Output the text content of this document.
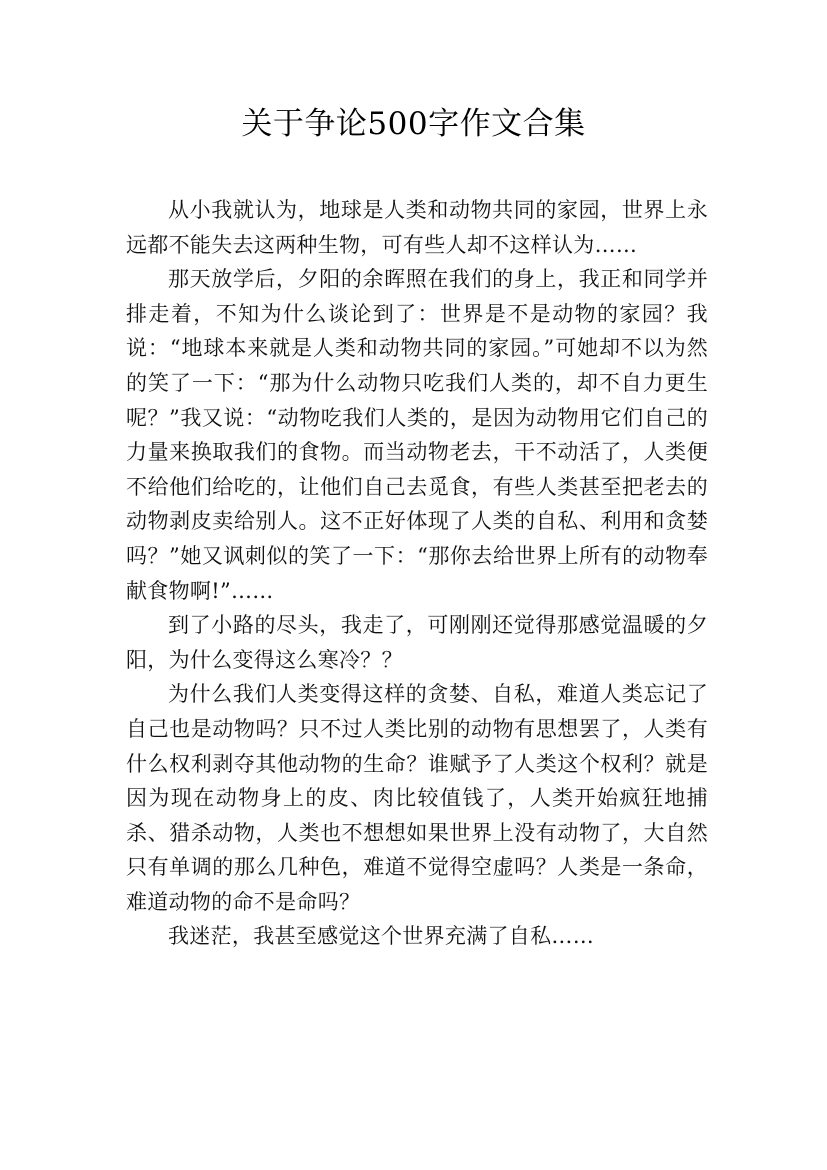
关于争论500字作文合集

从小我就认为，地球是人类和动物共同的家园，世界上永远都不能失去这两种生物，可有些人却不这样认为……

那天放学后，夕阳的余晖照在我们的身上，我正和同学并排走着，不知为什么谈论到了：世界是不是动物的家园？我说：“地球本来就是人类和动物共同的家园。”可她却不以为然的笑了一下：“那为什么动物只吃我们人类的，却不自力更生呢？”我又说：“动物吃我们人类的，是因为动物用它们自己的力量来换取我们的食物。而当动物老去，干不动活了，人类便不给他们给吃的，让他们自己去觅食，有些人类甚至把老去的动物剥皮卖给别人。这不正好体现了人类的自私、利用和贪婪吗？”她又讽刺似的笑了一下：“那你去给世界上所有的动物奉献食物啊!”……

到了小路的尽头，我走了，可刚刚还觉得那感觉温暖的夕阳，为什么变得这么寒冷？？

为什么我们人类变得这样的贪婪、自私，难道人类忘记了自己也是动物吗？只不过人类比别的动物有思想罢了，人类有什么权利剥夺其他动物的生命？谁赋予了人类这个权利？就是因为现在动物身上的皮、肉比较值钱了，人类开始疯狂地捕杀、猎杀动物，人类也不想想如果世界上没有动物了，大自然只有单调的那么几种色，难道不觉得空虚吗？人类是一条命，难道动物的命不是命吗？

我迷茫，我甚至感觉这个世界充满了自私……
